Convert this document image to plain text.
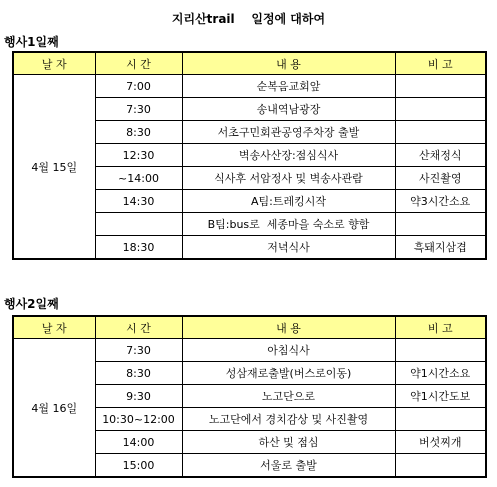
지리산trail    일정에 대하여
행사1일째
날 자	시 간	내 용	비 고
4월 15일	7:00	순복음교회앞	
	7:30	송내역남광장	
	8:30	서초구민회관공영주차장 출발	
	12:30	벽송사산장:점심식사	산채정식
	~14:00	식사후 서암정사 및 벽송사관람	사진촬영
	14:30	A팀:트레킹시작	약3시간소요
		B팀:bus로  세종마을 숙소로 향함	
	18:30	저녁식사	흑돼지삼겹
행사2일째
날 자	시 간	내 용	비 고
4월 16일	7:30	아침식사	
	8:30	성삼재로출발(버스로이동)	약1시간소요
	9:30	노고단으로	약1시간도보
	10:30~12:00	노고단에서 경치감상 및 사진촬영	
	14:00	하산 및 점심	버섯찌개
	15:00	서울로 출발	
